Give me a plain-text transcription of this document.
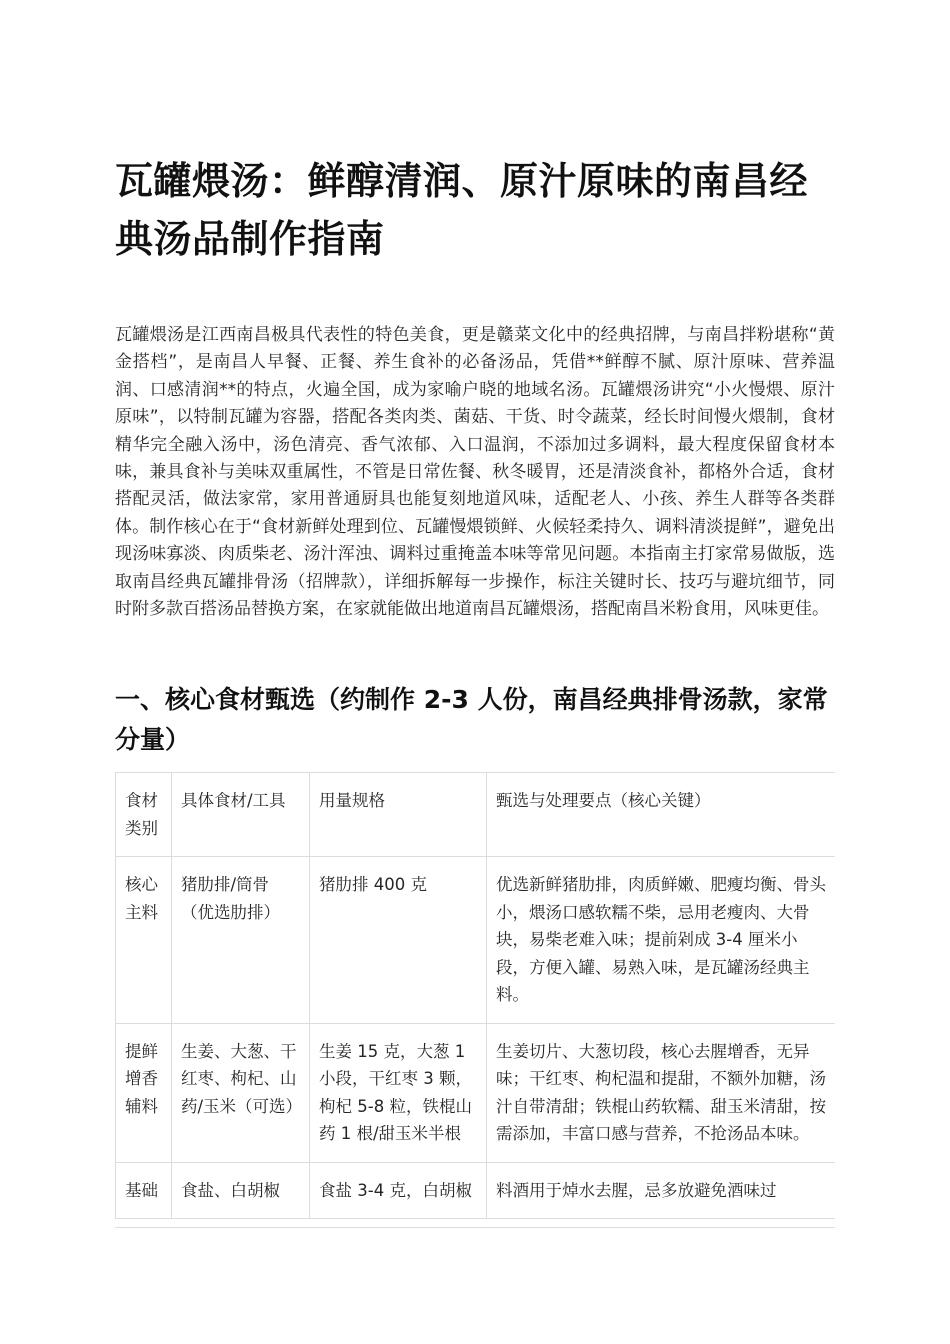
瓦罐煨汤：鲜醇清润、原汁原味的南昌经典汤品制作指南

瓦罐煨汤是江西南昌极具代表性的特色美食，更是赣菜文化中的经典招牌，与南昌拌粉堪称“黄金搭档”，是南昌人早餐、正餐、养生食补的必备汤品，凭借**鲜醇不腻、原汁原味、营养温润、口感清润**的特点，火遍全国，成为家喻户晓的地域名汤。瓦罐煨汤讲究“小火慢煨、原汁原味”，以特制瓦罐为容器，搭配各类肉类、菌菇、干货、时令蔬菜，经长时间慢火煨制，食材精华完全融入汤中，汤色清亮、香气浓郁、入口温润，不添加过多调料，最大程度保留食材本味，兼具食补与美味双重属性，不管是日常佐餐、秋冬暖胃，还是清淡食补，都格外合适，食材搭配灵活，做法家常，家用普通厨具也能复刻地道风味，适配老人、小孩、养生人群等各类群体。制作核心在于“食材新鲜处理到位、瓦罐慢煨锁鲜、火候轻柔持久、调料清淡提鲜”，避免出现汤味寡淡、肉质柴老、汤汁浑浊、调料过重掩盖本味等常见问题。本指南主打家常易做版，选取南昌经典瓦罐排骨汤（招牌款），详细拆解每一步操作，标注关键时长、技巧与避坑细节，同时附多款百搭汤品替换方案，在家就能做出地道南昌瓦罐煨汤，搭配南昌米粉食用，风味更佳。

一、核心食材甄选（约制作 2-3 人份，南昌经典排骨汤款，家常分量）
食材类别	具体食材/工具	用量规格	甄选与处理要点（核心关键）
核心主料	猪肋排/筒骨（优选肋排）	猪肋排 400 克	优选新鲜猪肋排，肉质鲜嫩、肥瘦均衡、骨头小，煨汤口感软糯不柴，忌用老瘦肉、大骨块，易柴老难入味；提前剁成 3-4 厘米小段，方便入罐、易熟入味，是瓦罐汤经典主料。
提鲜增香辅料	生姜、大葱、干红枣、枸杞、山药/玉米（可选）	生姜 15 克，大葱 1 小段，干红枣 3 颗，枸杞 5-8 粒，铁棍山药 1 根/甜玉米半根	生姜切片、大葱切段，核心去腥增香，无异味；干红枣、枸杞温和提甜，不额外加糖，汤汁自带清甜；铁棍山药软糯、甜玉米清甜，按需添加，丰富口感与营养，不抢汤品本味。
基础	食盐、白胡椒	食盐 3-4 克，白胡椒	料酒用于焯水去腥，忌多放避免酒味过
